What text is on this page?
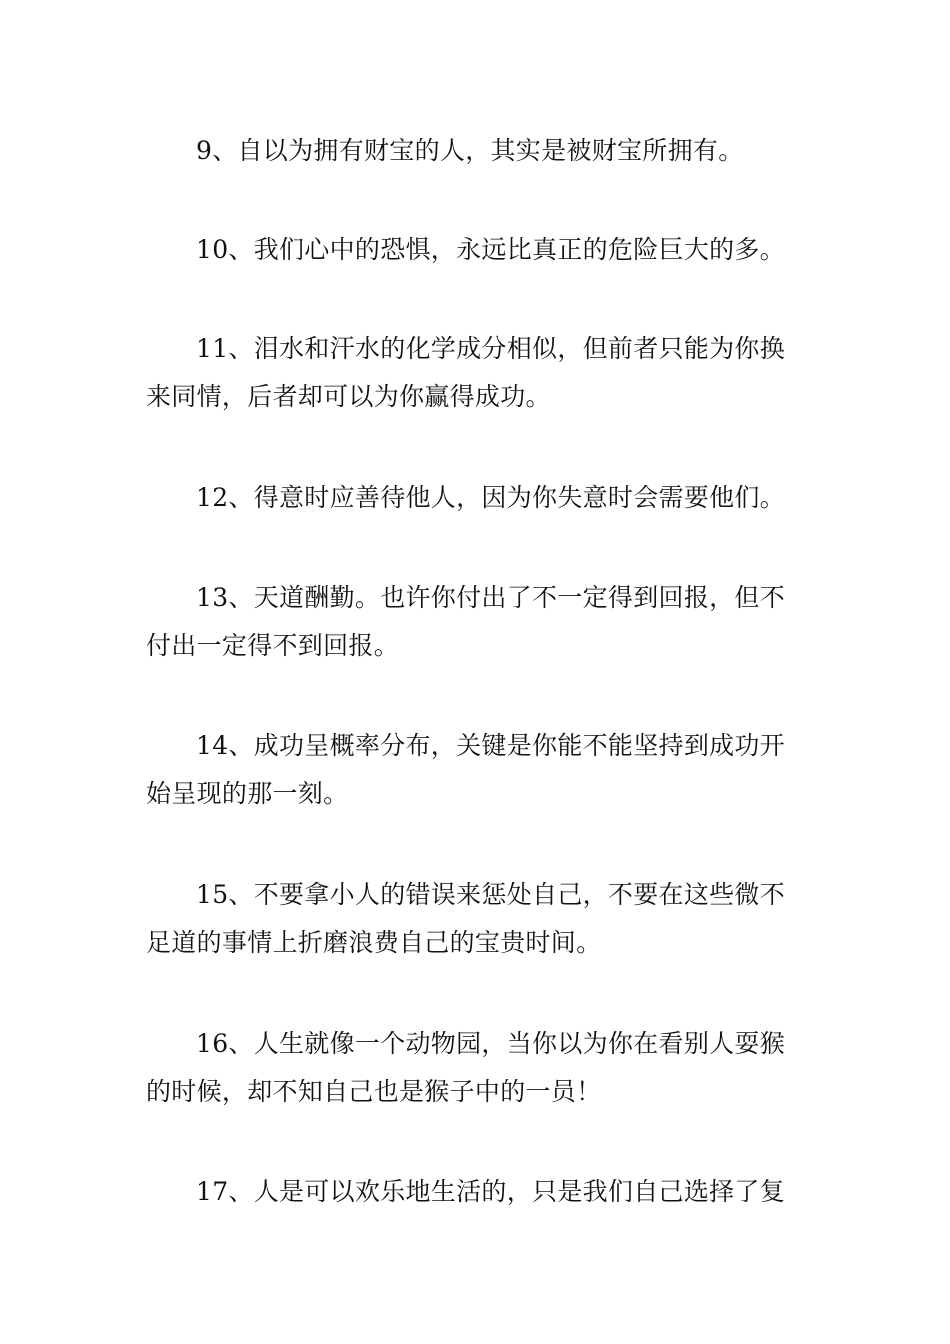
9、自以为拥有财宝的人，其实是被财宝所拥有。

10、我们心中的恐惧，永远比真正的危险巨大的多。

11、泪水和汗水的化学成分相似，但前者只能为你换来同情，后者却可以为你赢得成功。

12、得意时应善待他人，因为你失意时会需要他们。

13、天道酬勤。也许你付出了不一定得到回报，但不付出一定得不到回报。

14、成功呈概率分布，关键是你能不能坚持到成功开始呈现的那一刻。

15、不要拿小人的错误来惩处自己，不要在这些微不足道的事情上折磨浪费自己的宝贵时间。

16、人生就像一个动物园，当你以为你在看别人耍猴的时候，却不知自己也是猴子中的一员！

17、人是可以欢乐地生活的，只是我们自己选择了复
